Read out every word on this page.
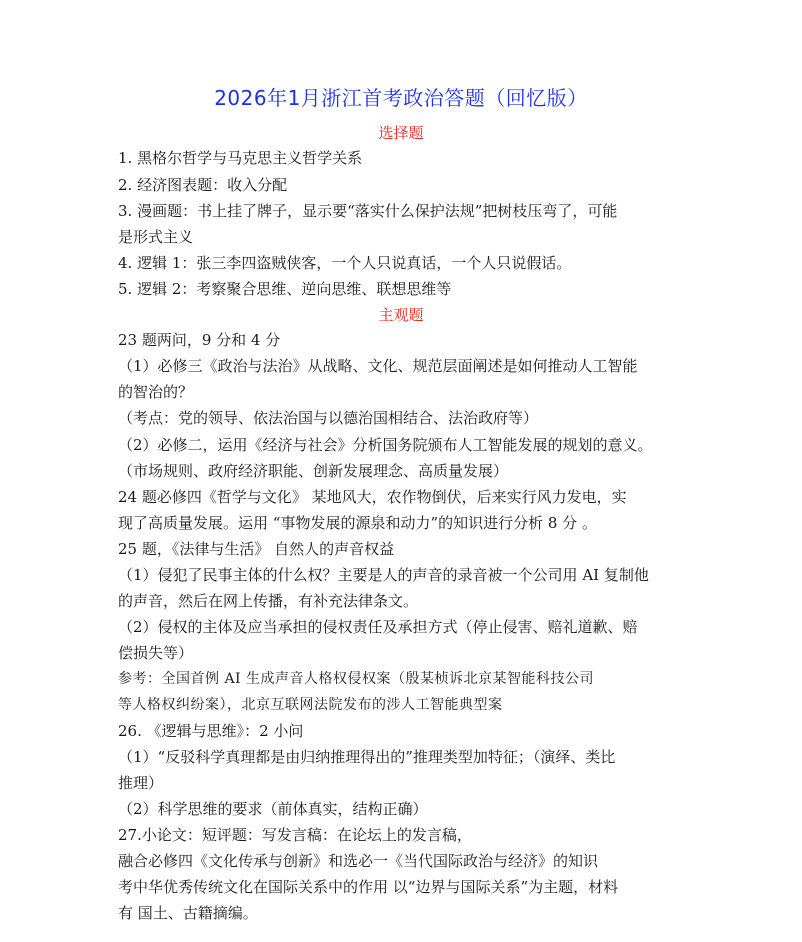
2026年1月浙江首考政治答题（回忆版）
选择题
1. 黑格尔哲学与马克思主义哲学关系
2. 经济图表题：收入分配
3. 漫画题：书上挂了牌子，显示要“落实什么保护法规”把树枝压弯了，可能
是形式主义
4. 逻辑 1：张三李四盗贼侠客，一个人只说真话，一个人只说假话。
5. 逻辑 2：考察聚合思维、逆向思维、联想思维等
主观题
23 题两问，9 分和 4 分
（1）必修三《政治与法治》从战略、文化、规范层面阐述是如何推动人工智能
的智治的？
（考点：党的领导、依法治国与以德治国相结合、法治政府等）
（2）必修二，运用《经济与社会》分析国务院颁布人工智能发展的规划的意义。
（市场规则、政府经济职能、创新发展理念、高质量发展）
24 题必修四《哲学与文化》 某地风大，农作物倒伏，后来实行风力发电，实
现了高质量发展。运用 “事物发展的源泉和动力”的知识进行分析 8 分 。
25 题，《法律与生活》 自然人的声音权益
（1）侵犯了民事主体的什么权？主要是人的声音的录音被一个公司用 AI 复制他
的声音，然后在网上传播，有补充法律条文。
（2）侵权的主体及应当承担的侵权责任及承担方式（停止侵害、赔礼道歉、赔
偿损失等）
参考：全国首例 AI 生成声音人格权侵权案（殷某桢诉北京某智能科技公司
等人格权纠纷案），北京互联网法院发布的涉人工智能典型案
26. 《逻辑与思维》：2 小问
（1）“反驳科学真理都是由归纳推理得出的”推理类型加特征；（演绎、类比
推理）
（2）科学思维的要求（前体真实，结构正确）
27.小论文：短评题：写发言稿：在论坛上的发言稿，
融合必修四《文化传承与创新》和选必一《当代国际政治与经济》的知识
考中华优秀传统文化在国际关系中的作用 以“边界与国际关系”为主题，材料
有 国土、古籍摘编。
